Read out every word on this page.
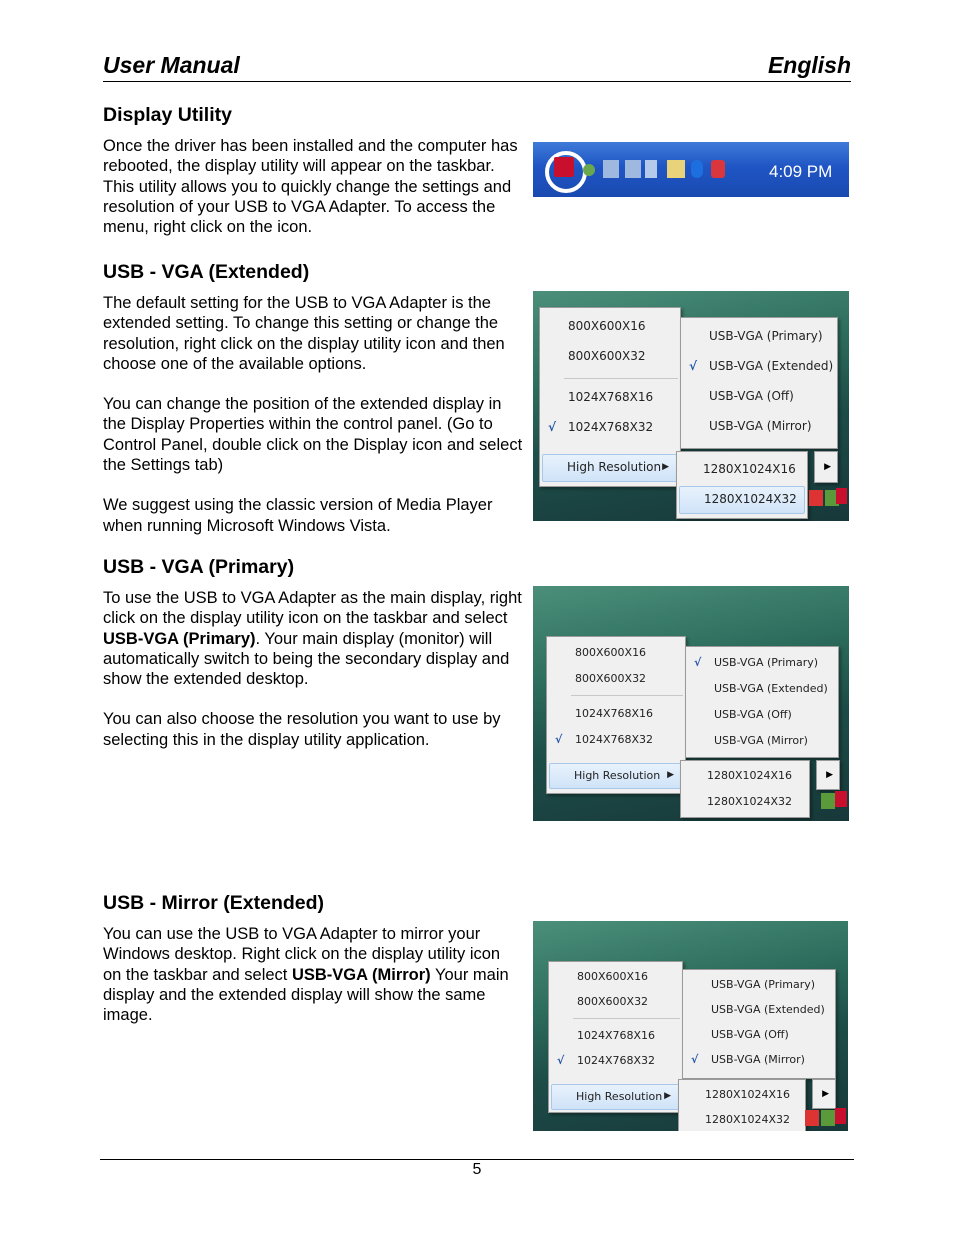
User Manual	English
Display Utility

Once the driver has been installed and the computer has rebooted, the display utility will appear on the taskbar. This utility allows you to quickly change the settings and resolution of your USB to VGA Adapter. To access the menu, right click on the icon.

USB - VGA (Extended)

The default setting for the USB to VGA Adapter is the extended setting. To change this setting or change the resolution, right click on the display utility icon and then choose one of the available options.

You can change the position of the extended display in the Display Properties within the control panel. (Go to Control Panel, double click on the Display icon and select the Settings tab)

We suggest using the classic version of Media Player when running Microsoft Windows Vista.

USB - VGA (Primary)

To use the USB to VGA Adapter as the main display, right click on the display utility icon on the taskbar and select USB-VGA (Primary). Your main display (monitor) will automatically switch to being the secondary display and show the extended desktop.

You can also choose the resolution you want to use by selecting this in the display utility application.

USB - Mirror (Extended)

You can use the USB to VGA Adapter to mirror your Windows desktop. Right click on the display utility icon on the taskbar and select USB-VGA (Mirror) Your main display and the extended display will show the same image.

4:09 PM
800X600X16
800X600X32
1024X768X16
√ 1024X768X32
High Resolution ▶
USB-VGA (Primary)
√ USB-VGA (Extended)
USB-VGA (Off)
USB-VGA (Mirror)
1280X1024X16
1280X1024X32
▶
800X600X16
800X600X32
1024X768X16
√ 1024X768X32
High Resolution ▶
√ USB-VGA (Primary)
USB-VGA (Extended)
USB-VGA (Off)
USB-VGA (Mirror)
1280X1024X16
1280X1024X32
▶
800X600X16
800X600X32
1024X768X16
√ 1024X768X32
High Resolution ▶
USB-VGA (Primary)
USB-VGA (Extended)
USB-VGA (Off)
√ USB-VGA (Mirror)
1280X1024X16
1280X1024X32
▶
5
